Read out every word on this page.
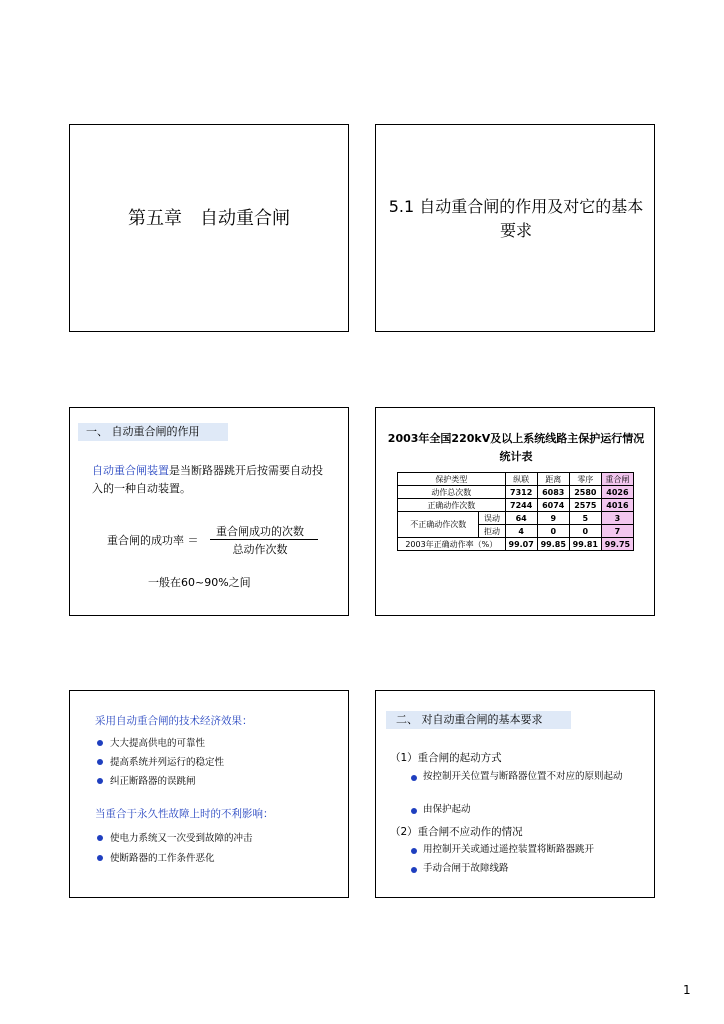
第五章　自动重合闸
5.1 自动重合闸的作用及对它的基本要求
一、 自动重合闸的作用
自动重合闸装置是当断路器跳开后按需要自动投入的一种自动装置。
重合闸的成功率 ＝
重合闸成功的次数
总动作次数
一般在60~90%之间
2003年全国220kV及以上系统线路主保护运行情况统计表
保护类型		纵联	距离	零序	重合闸
动作总次数		7312	6083	2580	4026
正确动作次数		7244	6074	2575	4016
不正确动作次数	误动	64	9	5	3
	拒动	4	0	0	7
2003年正确动作率（%）		99.07	99.85	99.81	99.75
采用自动重合闸的技术经济效果：
大大提高供电的可靠性
提高系统并列运行的稳定性
纠正断路器的误跳闸
当重合于永久性故障上时的不利影响：
使电力系统又一次受到故障的冲击
使断路器的工作条件恶化
二、 对自动重合闸的基本要求
（1）重合闸的起动方式
按控制开关位置与断路器位置不对应的原则起动
由保护起动
（2）重合闸不应动作的情况
用控制开关或通过遥控装置将断路器跳开
手动合闸于故障线路
1
